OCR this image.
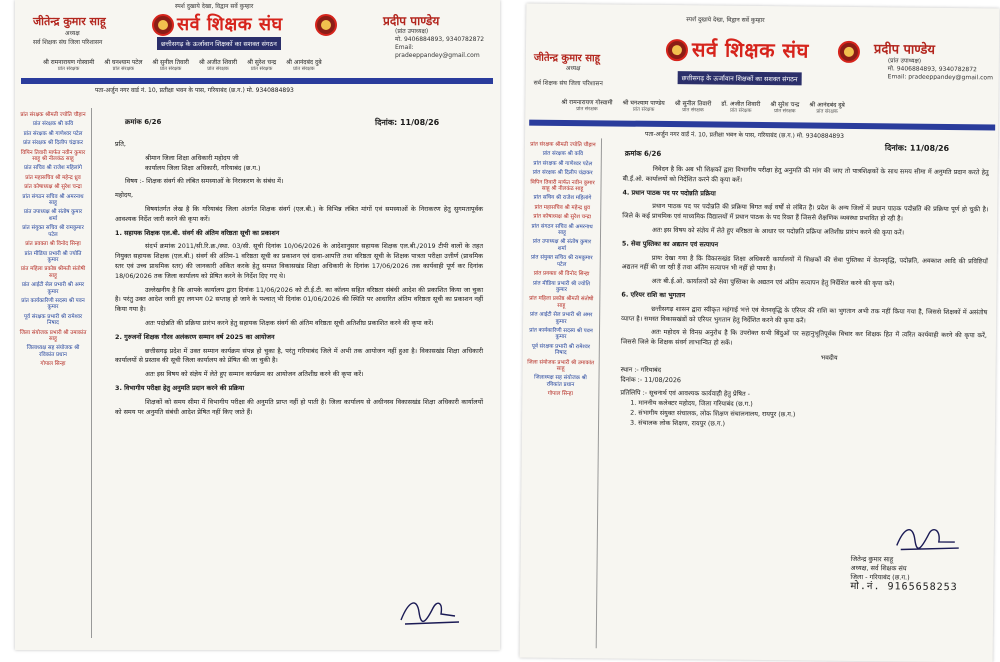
स्पर्श दुखाये देखा, विद्वान सर्वे कुम्हार
जीतेन्द्र कुमार साहू
अध्यक्ष
सर्व शिक्षक संघ जिला परिशासन
सर्व शिक्षक संघ
छत्तीसगढ़ के ऊर्जावान शिक्षकों का सशक्त संगठन
प्रदीप पाण्डेय
(प्रांत उपाध्यक्ष)
मो. 9406884893, 9340782872
Email: pradeeppandey@gmail.com
श्री रामनारायण गोस्वामी
प्रांत संरक्षक
श्री घनश्याम पटेल
प्रांत संरक्षक
श्री सुनील तिवारी
प्रांत संरक्षक
श्री अजीत शिवारी
प्रांत संरक्षक
श्री सुरेश चन्द्र
प्रांत संरक्षक
श्री आनंदबंद दुबे
प्रांत संरक्षक
पता-अर्जुन नगर वार्ड नं. 10, प्रतीक्षा भवन के पास, गरियाबंद (छ.ग.) मो. 9340884893
क्रमांक 6/26	दिनांक: 11/08/26
प्रांत संरक्षक श्रीमती ज्योति चौहान
प्रांत संरक्षक श्री कवि
प्रांत संरक्षक श्री गाणेश्वर पटेल
प्रांत संरक्षक श्री दिलीप चंद्राकर
विपिन तिवारी मार्फत नवीन कुमार साहू श्री नीलकंठ साहू
प्रांत सचिव श्री राजेश महिलांगे
प्रांत महासचिव श्री महेन्द्र ध्रुव
प्रांत कोषाध्यक्ष श्री सुरेश चन्द्रा
प्रांत संगठन सचिव श्री अमरनाथ साहू
प्रांत उपाध्यक्ष श्री संतोष कुमार शर्मा
प्रांत संयुक्त सचिव श्री रामकुमार पटेल
प्रांत प्रवक्ता श्री विनोद सिन्हा
प्रांत मीडिया प्रभारी श्री ज्योति कुमार
प्रांत महिला प्रकोष्ठ श्रीमती संतोषी साहू
प्रांत आईटी सेल प्रभारी श्री अमर कुमार
प्रांत कार्यकारिणी सदस्य श्री पवन कुमार
पूर्व संरक्षक प्रभारी श्री रामेश्वर निषाद
जिला संयोजक प्रभारी श्री उमाकांत साहू
जिलाध्यक्ष सह संयोजक श्री रविकांत प्रधान
गोपाल सिन्हा

प्रति,

श्रीमान जिला शिक्षा अधिकारी महोदय जी

कार्यालय जिला शिक्षा अधिकारी, गरियाबंद (छ.ग.)

विषय :- शिक्षक संवर्ग की लंबित समस्याओं के निराकरण के संबंध में।

महोदय,

विषयांतर्गत लेख है कि गरियाबंद जिला अंतर्गत शिक्षक संवर्ग (एल.बी.) के विभिन्न लंबित मांगों एवं समस्याओं के निराकरण हेतु सुगमतापूर्वक आवश्यक निर्देश जारी करने की कृपा करें।

1. सहायक शिक्षक एल.बी. संवर्ग की अंतिम वरिष्ठता सूची का प्रकाशन

संदर्भ क्रमांक 2011/सी.रि.क्र./स्था. 03/सी. सूची दिनांक 10/06/2026 के आदेशानुसार सहायक शिक्षक एल.बी./2019 टीपी वालों के तहत नियुक्त सहायक शिक्षक (एल.बी.) संवर्ग की अंतिम-1 वरिष्ठता सूची का प्रकाशन एवं दावा-आपत्ति तथा वरिष्ठता सूची के शिक्षक पात्रता परीक्षा उत्तीर्ण (प्राथमिक स्तर एवं उच्च प्राथमिक स्तर) की जानकारी अंकित करके हेतु समस्त विकासखंड शिक्षा अधिकारी के दिनांक 17/06/2026 तक कार्यवाही पूर्ण कर दिनांक 18/06/2026 तक जिला कार्यालय को प्रेषित करने के निर्देश दिए गए थे।

उल्लेखनीय है कि आपके कार्यालय द्वारा दिनांक 11/06/2026 को टी.ई.टी. का कॉलम सहित वरिष्ठता संबंधी आदेश की प्रकाशित किया जा चुका है। परंतु उक्त आदेश जारी हुए लगभग 02 सप्ताह हो जाने के पश्चात् भी दिनांक 01/06/2026 की स्थिति पर आधारित अंतिम वरिष्ठता सूची का प्रकाशन नहीं किया गया है।

अतः पदोन्नति की प्रक्रिया प्रारंभ करने हेतु सहायक शिक्षक संवर्ग की अंतिम वरिष्ठता सूची अतिशीघ्र प्रकाशित करने की कृपा करें।

2. गुरुजनों शिक्षक गौरव अलंकरण सम्मान वर्ष 2025 का आयोजन

छत्तीसगढ़ प्रदेश में उक्त सम्मान कार्यक्रम संपन्न हो चुका है, परंतु गरियाबंद जिले में अभी तक आयोजन नहीं हुआ है। विकासखंड शिक्षा अधिकारी कार्यालयों से प्रस्ताव की सूची जिला कार्यालय को प्रेषित की जा चुकी है।

अतः इस विषय को संज्ञेय में लेते हुए सम्मान कार्यक्रम का आयोजन अतिशीघ्र करने की कृपा करें।

3. विभागीय परीक्षा हेतु अनुमति प्रदान करने की प्रक्रिया

शिक्षकों को समय सीमा में विभागीय परीक्षा की अनुमति प्राप्त नहीं हो पाती है। जिला कार्यालय से अधीनस्थ विकासखंड शिक्षा अधिकारी कार्यालयों को समय पर अनुमति संबंधी आदेश प्रेषित नहीं किए जाते हैं।

स्पर्श दुखाये देखा, विद्वान सर्वे कुम्हार
जीतेन्द्र कुमार साहू
अध्यक्ष
सर्व शिक्षक संघ जिला परिशासन
सर्व शिक्षक संघ
छत्तीसगढ़ के ऊर्जावान शिक्षकों का सशक्त संगठन
प्रदीप पाण्डेय
(प्रांत उपाध्यक्ष)
मो. 9406884893, 9340782872
Email: pradeeppandey@gmail.com
श्री रामनारायण गोस्वामी
प्रांत संरक्षक
श्री घनश्याम पाण्डेय
प्रांत संरक्षक
श्री सुनील तिवारी
प्रांत संरक्षक
डॉ. अजीत शिवारी
प्रांत संरक्षक
श्री सुरेश चन्द्र
प्रांत संरक्षक
श्री आनंदबंद दुबे
प्रांत संरक्षक
पता-अर्जुन नगर वार्ड नं. 10, प्रतीक्षा भवन के पास, गरियाबंद (छ.ग.) मो. 9340884893
क्रमांक 6/26
दिनांक: 11/08/26
प्रांत संरक्षक श्रीमती ज्योति चौहान
प्रांत संरक्षक श्री कवि
प्रांत संरक्षक श्री गाणेश्वर पटेल
प्रांत संरक्षक श्री दिलीप चंद्राकर
विपिन तिवारी मार्फत नवीन कुमार साहू श्री नीलकंठ साहू
प्रांत सचिव श्री राजेश महिलांगे
प्रांत महासचिव श्री महेन्द्र ध्रुव
प्रांत कोषाध्यक्ष श्री सुरेश चन्द्रा
प्रांत संगठन सचिव श्री अमरनाथ साहू
प्रांत उपाध्यक्ष श्री संतोष कुमार शर्मा
प्रांत संयुक्त सचिव श्री रामकुमार पटेल
प्रांत प्रवक्ता श्री विनोद सिन्हा
प्रांत मीडिया प्रभारी श्री ज्योति कुमार
प्रांत महिला प्रकोष्ठ श्रीमती संतोषी साहू
प्रांत आईटी सेल प्रभारी श्री अमर कुमार
प्रांत कार्यकारिणी सदस्य श्री पवन कुमार
पूर्व संरक्षक प्रभारी श्री रामेश्वर निषाद
जिला संयोजक प्रभारी श्री उमाकांत साहू
जिलाध्यक्ष सह संयोजक श्री रविकांत प्रधान
गोपाल सिन्हा

निवेदन है कि अब भी शिक्षकों द्वारा विभागीय परीक्षा हेतु अनुमति की मांग की जाए तो पात्रशिक्षकों के साथ समय सीमा में अनुमति प्रदान करते हेतु बी.ई.ओ. कार्यालयों को निर्देशित करने की कृपा करें।

4. प्रधान पाठक पद पर पदोन्नति प्रक्रिया

प्रधान पाठक पद पर पदोन्नति की प्रक्रिया विगत कई वर्षों से लंबित है। प्रदेश के अन्य जिलों में प्रधान पाठक पदोन्नति की प्रक्रिया पूर्ण हो चुकी है। जिले के कई प्राथमिक एवं माध्यमिक विद्यालयों में प्रधान पाठक के पद रिक्त हैं जिससे शैक्षणिक व्यवस्था प्रभावित हो रही है।

अतः इस विषय को संज्ञेय में लेते हुए वरिष्ठता के आधार पर पदोन्नति प्रक्रिया अतिशीघ्र प्रारंभ करने की कृपा करें।

5. सेवा पुस्तिका का अद्यतन एवं सत्यापन

प्रायः देखा गया है कि विकासखंड शिक्षा अधिकारी कार्यालयों में शिक्षकों की सेवा पुस्तिका में वेतनवृद्धि, पदोन्नति, अवकाश आदि की प्रविष्टियाँ अद्यतन नहीं की जा रही हैं तथा अंतिम सत्यापन भी नहीं हो पाया है।

अतः बी.ई.ओ. कार्यालयों को सेवा पुस्तिका के अद्यतन एवं अंतिम सत्यापन हेतु निर्देशित करने की कृपा करें।

6. एरियर राशि का भुगतान

छत्तीसगढ़ शासन द्वारा स्वीकृत महंगाई भत्ते एवं वेतनवृद्धि के एरियर की राशि का भुगतान अभी तक नहीं किया गया है, जिससे शिक्षकों में असंतोष व्याप्त है। समस्त विकासखंडों को एरियर भुगतान हेतु निर्देशित करने की कृपा करें।

अतः महोदय से विनम्र अनुरोध है कि उपरोक्त सभी बिंदुओं पर सहानुभूतिपूर्वक विचार कर शिक्षक हित में त्वरित कार्यवाही करने की कृपा करें, जिससे जिले के शिक्षक संवर्ग लाभान्वित हो सकें।

भवदीय

स्थान :- गरियाबंद

दिनांक :- 11/08/2026

प्रतिलिपि :- सूचनार्थ एवं आवश्यक कार्यवाही हेतु प्रेषित -

1. माननीय कलेक्टर महोदय, जिला गरियाबंद (छ.ग.)

2. संभागीय संयुक्त संचालक, लोक शिक्षण संचालनालय, रायपुर (छ.ग.)

3. संचालक लोक शिक्षण, रायपुर (छ.ग.)

जितेन्द्र कुमार साहू
अध्यक्ष, सर्व शिक्षक संघ
जिला - गरियाबंद (छ.ग.)
मो.नं. 9165658253
